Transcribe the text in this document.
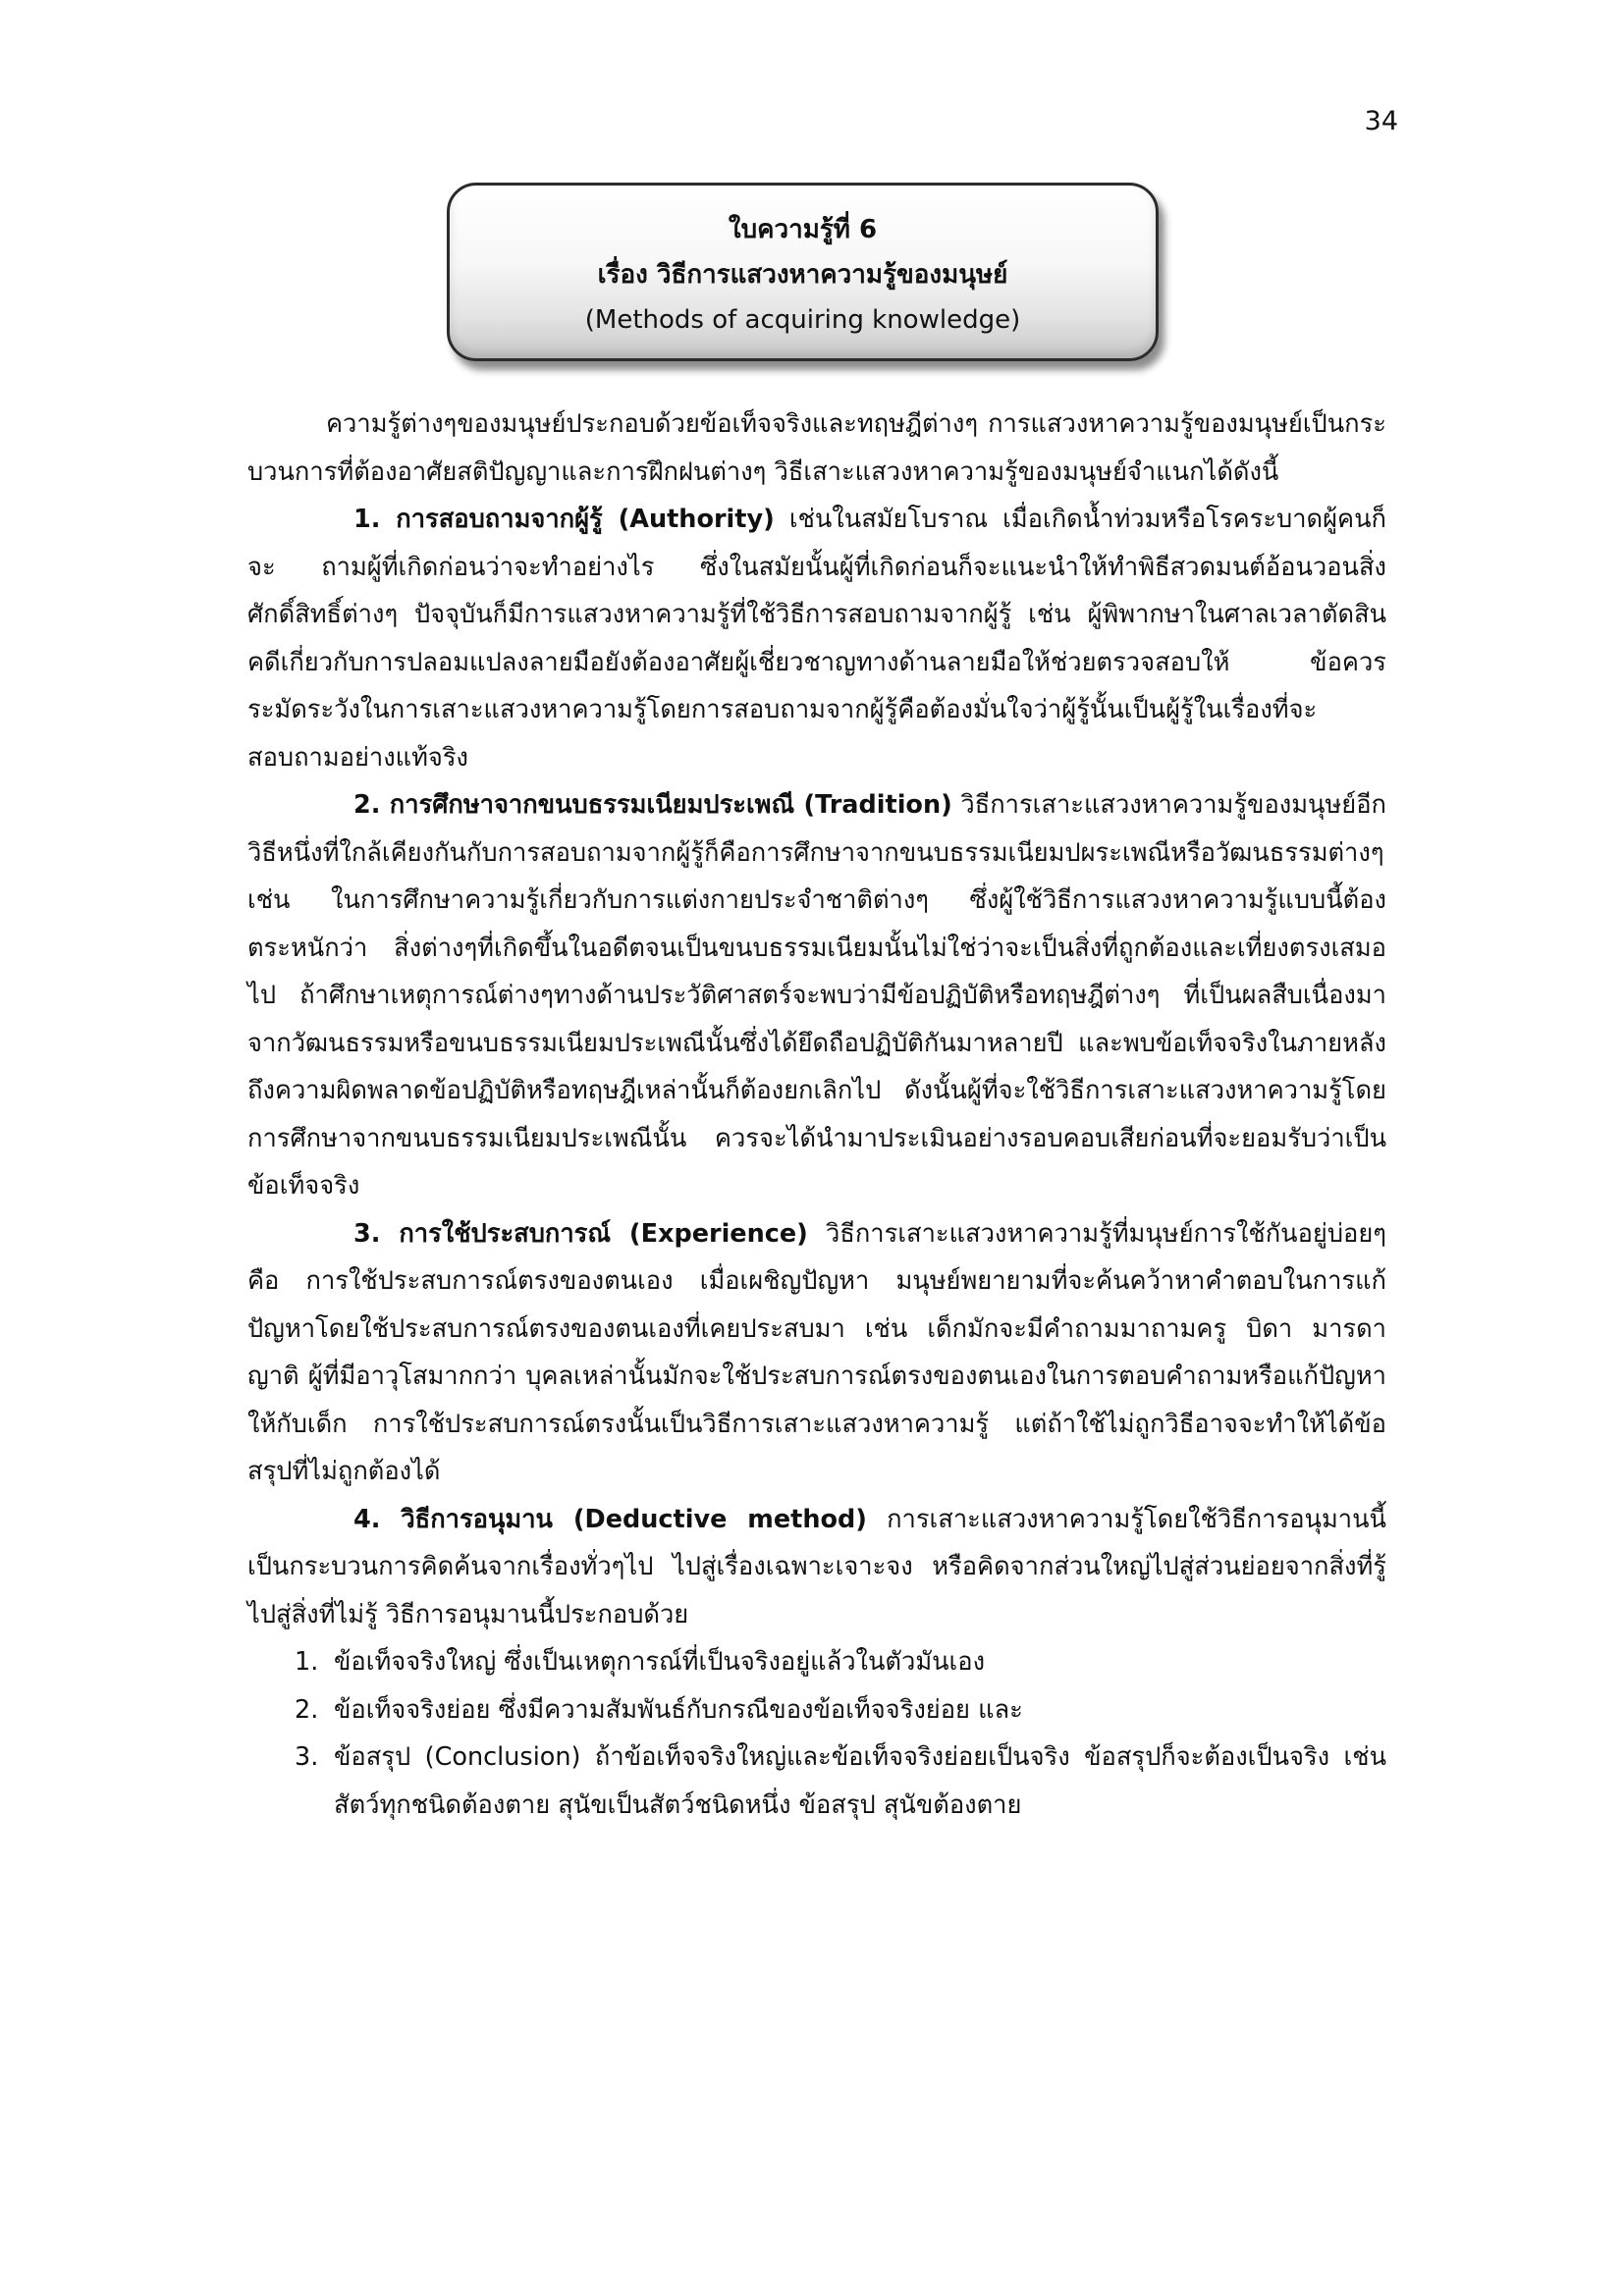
34
ใบความรู้ที่ 6
เรื่อง วิธีการแสวงหาความรู้ของมนุษย์
(Methods of acquiring knowledge)

ความรู้ต่างๆของมนุษย์ประกอบด้วยข้อเท็จจริงและทฤษฎีต่างๆ การแสวงหาความรู้ของมนุษย์เป็นกระบวนการที่ต้องอาศัยสติปัญญาและการฝึกฝนต่างๆ วิธีเสาะแสวงหาความรู้ของมนุษย์จำแนกได้ดังนี้

1. การสอบถามจากผู้รู้ (Authority) เช่นในสมัยโบราณ เมื่อเกิดน้ำท่วมหรือโรคระบาดผู้คนก็จะ ถามผู้ที่เกิดก่อนว่าจะทำอย่างไร ซึ่งในสมัยนั้นผู้ที่เกิดก่อนก็จะแนะนำให้ทำพิธีสวดมนต์อ้อนวอนสิ่งศักดิ์สิทธิ์ต่างๆ ปัจจุบันก็มีการแสวงหาความรู้ที่ใช้วิธีการสอบถามจากผู้รู้ เช่น ผู้พิพากษาในศาลเวลาตัดสินคดีเกี่ยวกับการปลอมแปลงลายมือยังต้องอาศัยผู้เชี่ยวชาญทางด้านลายมือให้ช่วยตรวจสอบให้ ข้อควรระมัดระวังในการเสาะแสวงหาความรู้โดยการสอบถามจากผู้รู้คือต้องมั่นใจว่าผู้รู้นั้นเป็นผู้รู้ในเรื่องที่จะสอบถามอย่างแท้จริง

2. การศึกษาจากขนบธรรมเนียมประเพณี (Tradition) วิธีการเสาะแสวงหาความรู้ของมนุษย์อีกวิธีหนึ่งที่ใกล้เคียงกันกับการสอบถามจากผู้รู้ก็คือการศึกษาจากขนบธรรมเนียมปผระเพณีหรือวัฒนธรรมต่างๆ เช่น ในการศึกษาความรู้เกี่ยวกับการแต่งกายประจำชาติต่างๆ ซึ่งผู้ใช้วิธีการแสวงหาความรู้แบบนี้ต้องตระหนักว่า สิ่งต่างๆที่เกิดขึ้นในอดีตจนเป็นขนบธรรมเนียมนั้นไม่ใช่ว่าจะเป็นสิ่งที่ถูกต้องและเที่ยงตรงเสมอไป ถ้าศึกษาเหตุการณ์ต่างๆทางด้านประวัติศาสตร์จะพบว่ามีข้อปฏิบัติหรือทฤษฎีต่างๆ ที่เป็นผลสืบเนื่องมาจากวัฒนธรรมหรือขนบธรรมเนียมประเพณีนั้นซึ่งได้ยึดถือปฏิบัติกันมาหลายปี และพบข้อเท็จจริงในภายหลังถึงความผิดพลาดข้อปฏิบัติหรือทฤษฎีเหล่านั้นก็ต้องยกเลิกไป ดังนั้นผู้ที่จะใช้วิธีการเสาะแสวงหาความรู้โดยการศึกษาจากขนบธรรมเนียมประเพณีนั้น ควรจะได้นำมาประเมินอย่างรอบคอบเสียก่อนที่จะยอมรับว่าเป็นข้อเท็จจริง

3. การใช้ประสบการณ์ (Experience) วิธีการเสาะแสวงหาความรู้ที่มนุษย์การใช้กันอยู่บ่อยๆ คือ การใช้ประสบการณ์ตรงของตนเอง เมื่อเผชิญปัญหา มนุษย์พยายามที่จะค้นคว้าหาคำตอบในการแก้ปัญหาโดยใช้ประสบการณ์ตรงของตนเองที่เคยประสบมา เช่น เด็กมักจะมีคำถามมาถามครู บิดา มารดา ญาติ ผู้ที่มีอาวุโสมากกว่า บุคลเหล่านั้นมักจะใช้ประสบการณ์ตรงของตนเองในการตอบคำถามหรือแก้ปัญหาให้กับเด็ก การใช้ประสบการณ์ตรงนั้นเป็นวิธีการเสาะแสวงหาความรู้ แต่ถ้าใช้ไม่ถูกวิธีอาจจะทำให้ได้ข้อสรุปที่ไม่ถูกต้องได้

4. วิธีการอนุมาน (Deductive method) การเสาะแสวงหาความรู้โดยใช้วิธีการอนุมานนี้เป็นกระบวนการคิดค้นจากเรื่องทั่วๆไป ไปสู่เรื่องเฉพาะเจาะจง หรือคิดจากส่วนใหญ่ไปสู่ส่วนย่อยจากสิ่งที่รู้ไปสู่สิ่งที่ไม่รู้ วิธีการอนุมานนี้ประกอบด้วย

1. ข้อเท็จจริงใหญ่ ซึ่งเป็นเหตุการณ์ที่เป็นจริงอยู่แล้วในตัวมันเอง
2. ข้อเท็จจริงย่อย ซึ่งมีความสัมพันธ์กับกรณีของข้อเท็จจริงย่อย และ
3. ข้อสรุป (Conclusion) ถ้าข้อเท็จจริงใหญ่และข้อเท็จจริงย่อยเป็นจริง ข้อสรุปก็จะต้องเป็นจริง เช่น สัตว์ทุกชนิดต้องตาย สุนัขเป็นสัตว์ชนิดหนึ่ง ข้อสรุป สุนัขต้องตาย
